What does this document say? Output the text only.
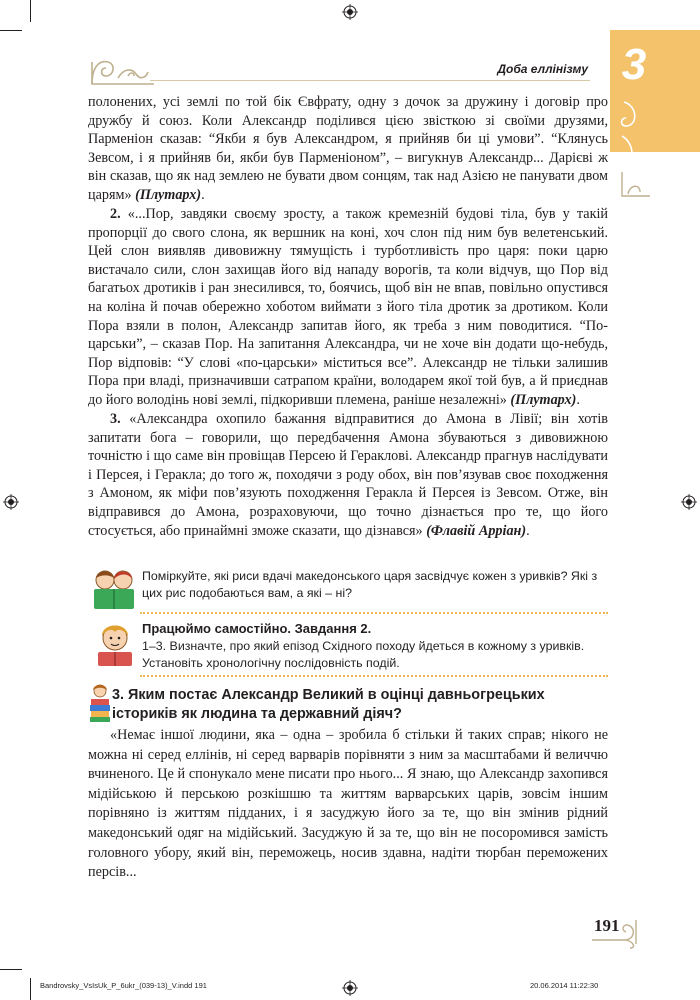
Доба еллінізму 3

полонених, усі землі по той бік Євфрату, одну з дочок за дружину і договір про дружбу й союз. Коли Александр поділився цією звісткою зі своїми друзями, Парменіон сказав: “Якби я був Александром, я прийняв би ці умови”. “Клянусь Зевсом, і я прийняв би, якби був Парменіоном”, – вигукнув Александр... Дарієві ж він сказав, що як над землею не бувати двом сонцям, так над Азією не панувати двом царям» (Плутарх).

2. «...Пор, завдяки своєму зросту, а також кремезній будові тіла, був у такій пропорції до свого слона, як вершник на коні, хоч слон під ним був велетенський. Цей слон виявляв дивовижну тямущість і турботливість про царя: поки царю вистачало сили, слон захищав його від нападу ворогів, та коли відчув, що Пор від багатьох дротиків і ран знесилився, то, боячись, щоб він не впав, повільно опустився на коліна й почав обережно хоботом виймати з його тіла дротик за дротиком. Коли Пора взяли в полон, Александр запитав його, як треба з ним поводитися. “По-царськи”, – сказав Пор. На запитання Александра, чи не хоче він додати що-небудь, Пор відповів: “У слові «по-царськи» міститься все”. Александр не тільки залишив Пора при владі, призначивши сатрапом країни, володарем якої той був, а й приєднав до його володінь нові землі, підкоривши племена, раніше незалежні» (Плутарх).

3. «Александра охопило бажання відправитися до Амона в Лівії; він хотів запитати бога – говорили, що передбачення Амона збуваються з дивовижною точністю і що саме він провіщав Персею й Гераклові. Александр прагнув наслідувати і Персея, і Геракла; до того ж, походячи з роду обох, він пов’язував своє походження з Амоном, як міфи пов’язують походження Геракла й Персея із Зевсом. Отже, він відправився до Амона, розраховуючи, що точно дізнається про те, що його стосується, або принаймні зможе сказати, що дізнався» (Флавій Арріан).

Поміркуйте, які риси вдачі македонського царя засвідчує кожен з уривків? Які з цих рис подобаються вам, а які – ні?
Працюймо самостійно. Завдання 2.
1–3. Визначте, про який епізод Східного походу йдеться в кожному з уривків.
Установіть хронологічну послідовність подій.
3. Яким постає Александр Великий в оцінці давньогрецьких істориків як людина та державний діяч?

«Немає іншої людини, яка – одна – зробила б стільки й таких справ; нікого не можна ні серед еллінів, ні серед варварів порівняти з ним за масштабами й величчю вчиненого. Це й спонукало мене писати про нього... Я знаю, що Александр захопився мідійською й перською розкішшю та життям варварських царів, зовсім іншим порівняно із життям підданих, і я засуджую його за те, що він змінив рідний македонський одяг на мідійський. Засуджую й за те, що він не посоромився замість головного убору, який він, переможець, носив здавна, надіти тюрбан переможених персів...

191
Bandrovsky_VsIsUk_P_6ukr_(039-13)_V.indd 191	20.06.2014 11:22:30
